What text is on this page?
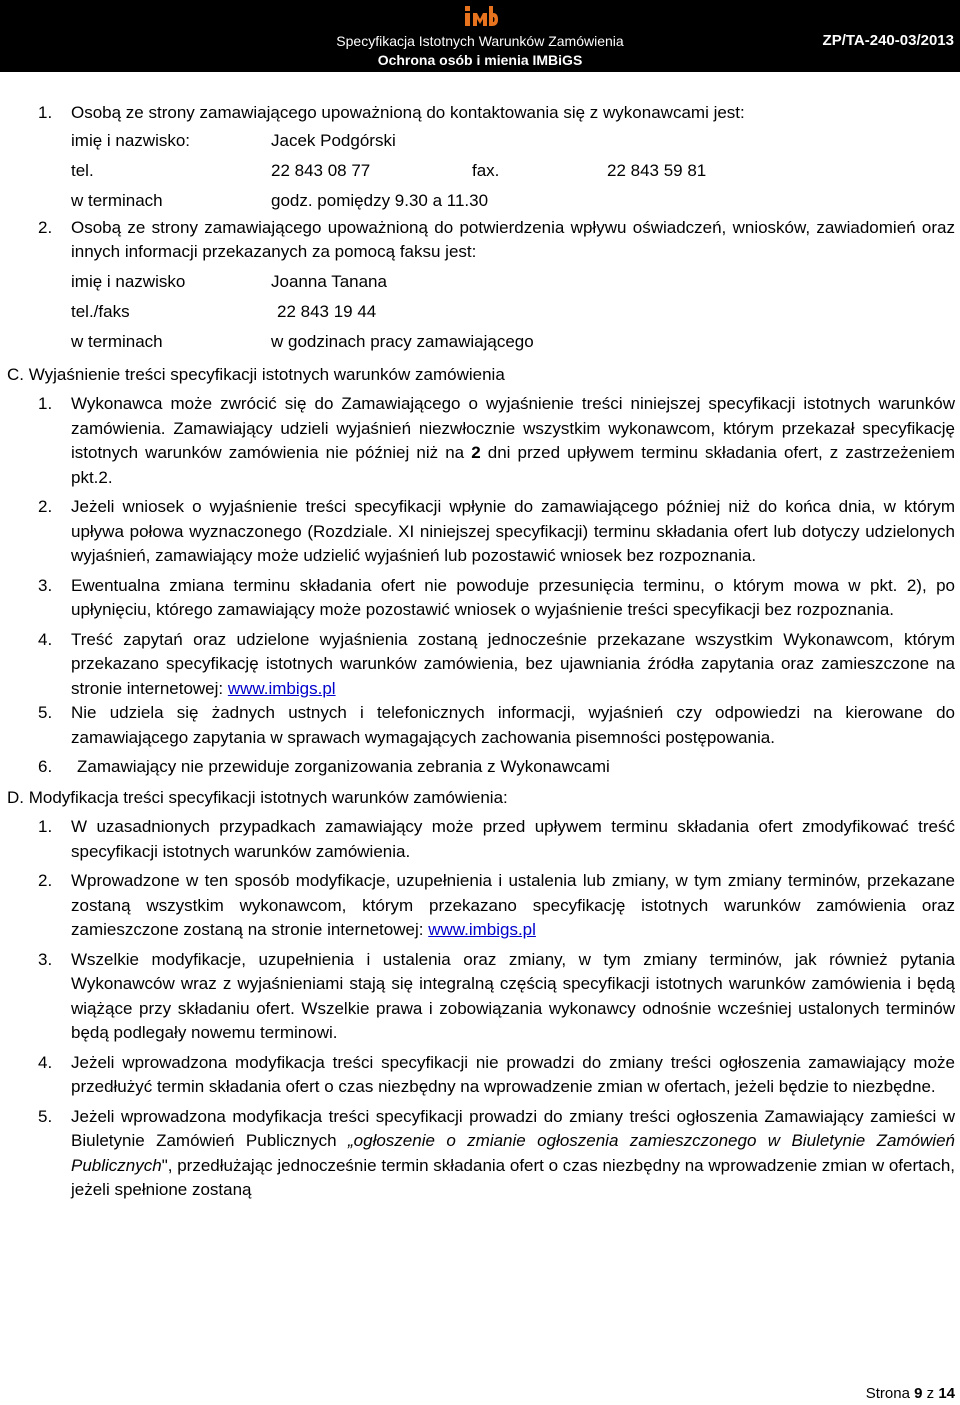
Specyfikacja Istotnych Warunków Zamówienia
Ochrona osób i mienia IMBiGS
ZP/TA-240-03/2013
1. Osobą ze strony zamawiającego upoważnioną do kontaktowania się z wykonawcami jest:
imię i nazwisko:	Jacek Podgórski
tel.	22 843 08 77	fax.	22 843 59 81
w terminach	godz. pomiędzy 9.30 a 11.30
2. Osobą ze strony zamawiającego upoważnioną do potwierdzenia wpływu oświadczeń, wniosków, zawiadomień oraz innych informacji przekazanych za pomocą faksu jest:
imię i nazwisko	Joanna Tanana
tel./faks	22 843 19 44
w terminach	w godzinach pracy zamawiającego
C. Wyjaśnienie treści specyfikacji istotnych warunków zamówienia
1. Wykonawca może zwrócić się do Zamawiającego o wyjaśnienie treści niniejszej specyfikacji istotnych warunków zamówienia. Zamawiający udzieli wyjaśnień niezwłocznie wszystkim wykonawcom, którym przekazał specyfikację istotnych warunków zamówienia nie później niż na 2 dni przed upływem terminu składania ofert, z zastrzeżeniem pkt.2.
2. Jeżeli wniosek o wyjaśnienie treści specyfikacji wpłynie do zamawiającego później niż do końca dnia, w którym upływa połowa wyznaczonego (Rozdziale. XI niniejszej specyfikacji) terminu składania ofert lub dotyczy udzielonych wyjaśnień, zamawiający może udzielić wyjaśnień lub pozostawić wniosek bez rozpoznania.
3. Ewentualna zmiana terminu składania ofert nie powoduje przesunięcia terminu, o którym mowa w pkt. 2), po upłynięciu, którego zamawiający może pozostawić wniosek o wyjaśnienie treści specyfikacji bez rozpoznania.
4. Treść zapytań oraz udzielone wyjaśnienia zostaną jednocześnie przekazane wszystkim Wykonawcom, którym przekazano specyfikację istotnych warunków zamówienia, bez ujawniania źródła zapytania oraz zamieszczone na stronie internetowej: www.imbigs.pl
5. Nie udziela się żadnych ustnych i telefonicznych informacji, wyjaśnień czy odpowiedzi na kierowane do zamawiającego zapytania w sprawach wymagających zachowania pisemności postępowania.
6. Zamawiający nie przewiduje zorganizowania zebrania z Wykonawcami
D. Modyfikacja treści specyfikacji istotnych warunków zamówienia:
1. W uzasadnionych przypadkach zamawiający może przed upływem terminu składania ofert zmodyfikować treść specyfikacji istotnych warunków zamówienia.
2. Wprowadzone w ten sposób modyfikacje, uzupełnienia i ustalenia lub zmiany, w tym zmiany terminów, przekazane zostaną wszystkim wykonawcom, którym przekazano specyfikację istotnych warunków zamówienia oraz zamieszczone zostaną na stronie internetowej: www.imbigs.pl
3. Wszelkie modyfikacje, uzupełnienia i ustalenia oraz zmiany, w tym zmiany terminów, jak również pytania Wykonawców wraz z wyjaśnieniami stają się integralną częścią specyfikacji istotnych warunków zamówienia i będą wiążące przy składaniu ofert. Wszelkie prawa i zobowiązania wykonawcy odnośnie wcześniej ustalonych terminów będą podlegały nowemu terminowi.
4. Jeżeli wprowadzona modyfikacja treści specyfikacji nie prowadzi do zmiany treści ogłoszenia zamawiający może przedłużyć termin składania ofert o czas niezbędny na wprowadzenie zmian w ofertach, jeżeli będzie to niezbędne.
5. Jeżeli wprowadzona modyfikacja treści specyfikacji prowadzi do zmiany treści ogłoszenia Zamawiający zamieści w Biuletynie Zamówień Publicznych „ogłoszenie o zmianie ogłoszenia zamieszczonego w Biuletynie Zamówień Publicznych", przedłużając jednocześnie termin składania ofert o czas niezbędny na wprowadzenie zmian w ofertach, jeżeli spełnione zostaną
Strona 9 z 14
